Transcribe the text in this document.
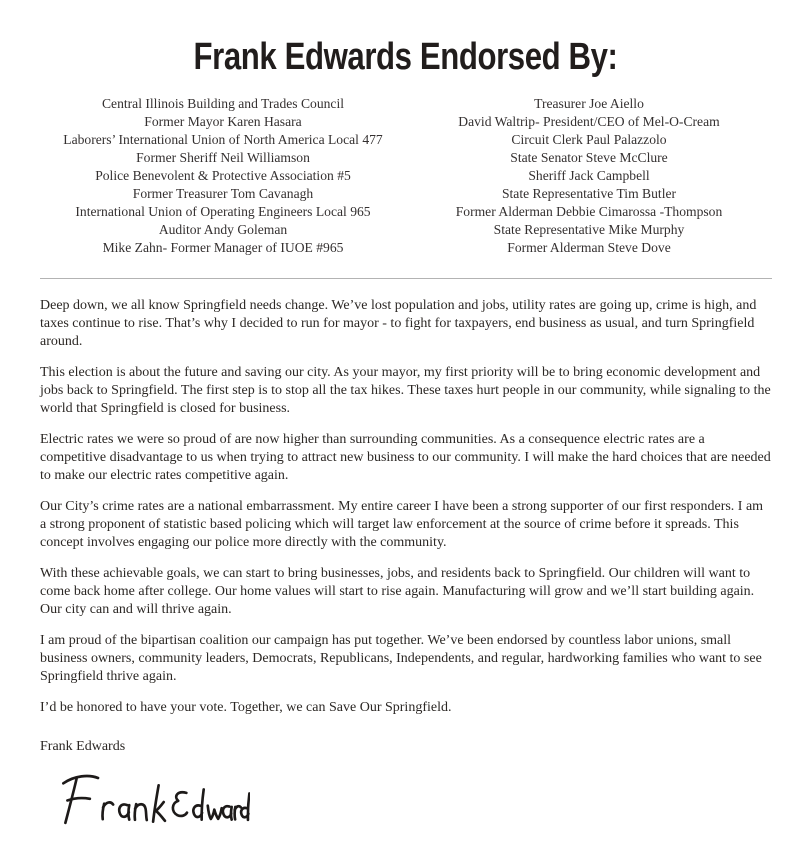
Frank Edwards Endorsed By:
Central Illinois Building and Trades Council
Former Mayor Karen Hasara
Laborers’ International Union of North America Local 477
Former Sheriff Neil Williamson
Police Benevolent & Protective Association #5
Former Treasurer Tom Cavanagh
International Union of Operating Engineers Local 965
Auditor Andy Goleman
Mike Zahn- Former Manager of IUOE #965
Treasurer Joe Aiello
David Waltrip- President/CEO of Mel-O-Cream
Circuit Clerk Paul Palazzolo
State Senator Steve McClure
Sheriff Jack Campbell
State Representative Tim Butler
Former Alderman Debbie Cimarossa -Thompson
State Representative Mike Murphy
Former Alderman Steve Dove

Deep down, we all know Springfield needs change. We’ve lost population and jobs, utility rates are going up, crime is high, and taxes continue to rise. That’s why I decided to run for mayor - to fight for taxpayers, end business as usual, and turn Springfield around.

This election is about the future and saving our city. As your mayor, my first priority will be to bring economic development and jobs back to Springfield. The first step is to stop all the tax hikes. These taxes hurt people in our community, while signaling to the world that Springfield is closed for business.

Electric rates we were so proud of are now higher than surrounding communities. As a consequence electric rates are a competitive disadvantage to us when trying to attract new business to our community. I will make the hard choices that are needed to make our electric rates competitive again.

Our City’s crime rates are a national embarrassment. My entire career I have been a strong supporter of our first responders. I am a strong proponent of statistic based policing which will target law enforcement at the source of crime before it spreads. This concept involves engaging our police more directly with the community.

With these achievable goals, we can start to bring businesses, jobs, and residents back to Springfield. Our children will want to come back home after college. Our home values will start to rise again. Manufacturing will grow and we’ll start building again. Our city can and will thrive again.

I am proud of the bipartisan coalition our campaign has put together. We’ve been endorsed by countless labor unions, small business owners, community leaders, Democrats, Republicans, Independents, and regular, hardworking families who want to see Springfield thrive again.

I’d be honored to have your vote. Together, we can Save Our Springfield.

Frank Edwards
